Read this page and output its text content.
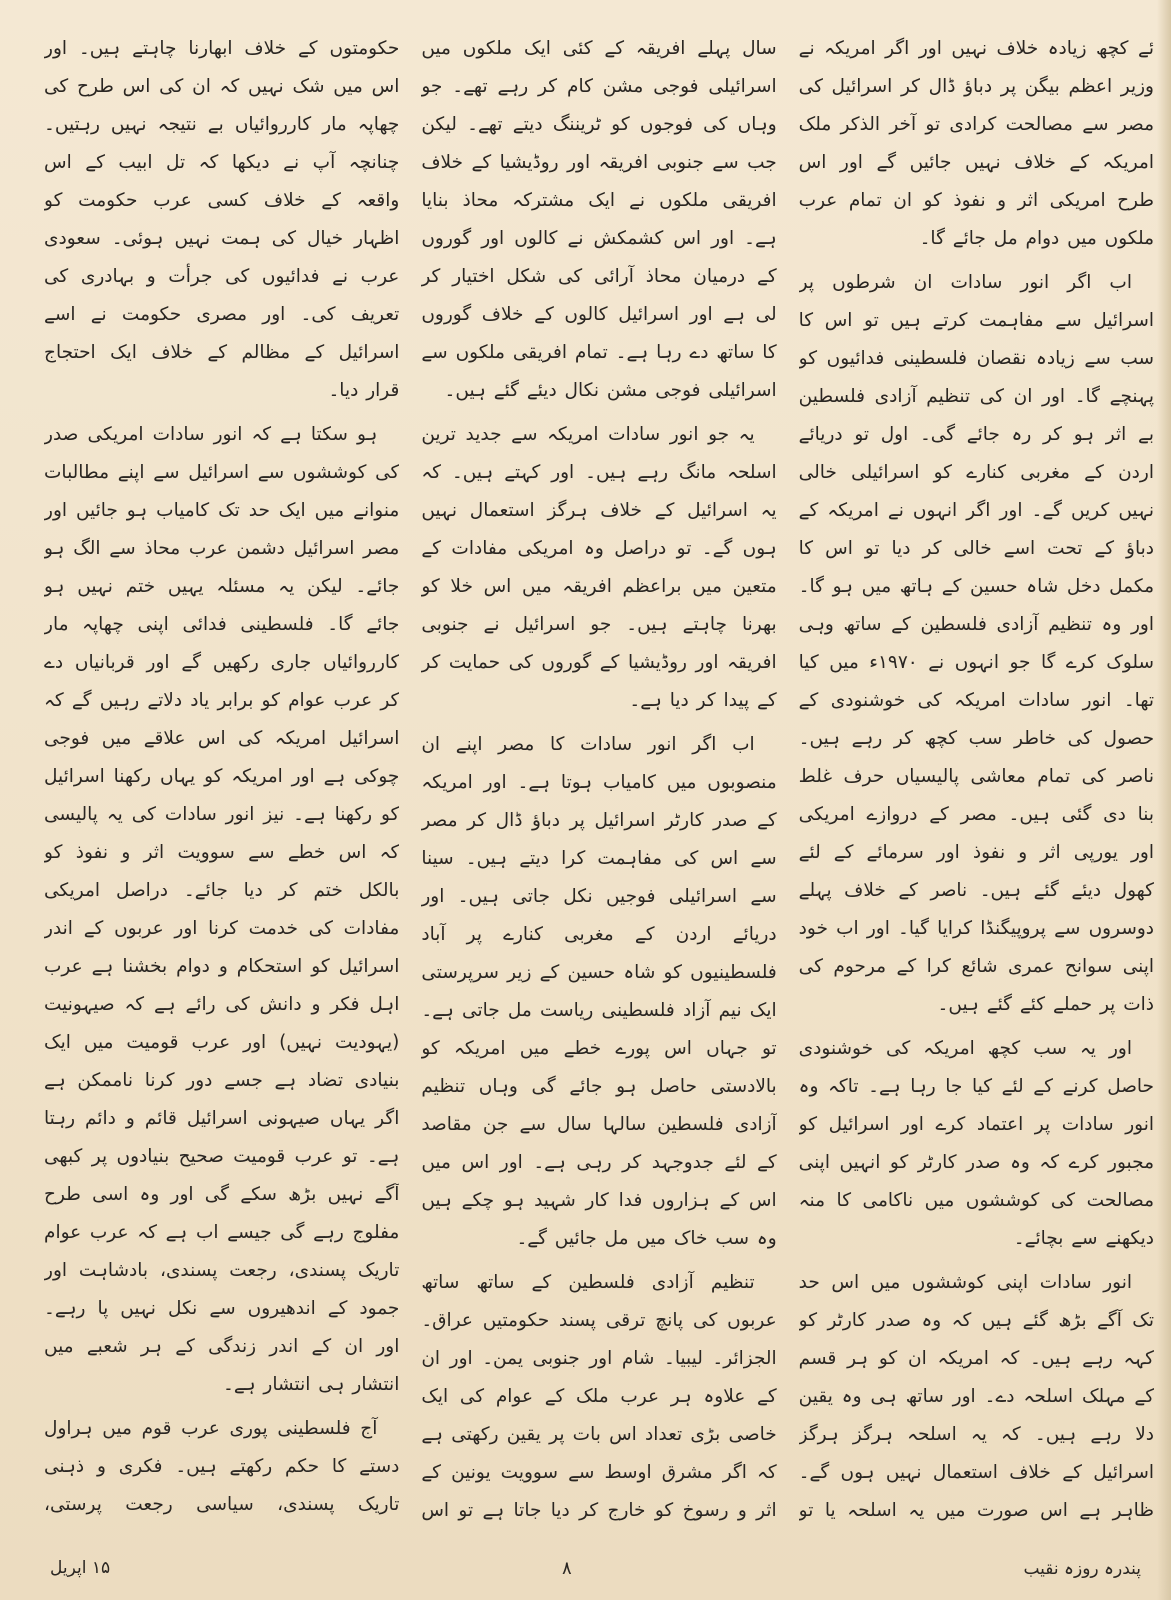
ئے کچھ زیادہ خلاف نہیں اور اگر امریکہ نے وزیر اعظم بیگن پر دباؤ ڈال کر اسرائیل کی مصر سے مصالحت کرادی تو آخر الذکر ملک امریکہ کے خلاف نہیں جائیں گے اور اس طرح امریکی اثر و نفوذ کو ان تمام عرب ملکوں میں دوام مل جائے گا۔

اب اگر انور سادات ان شرطوں پر اسرائیل سے مفاہمت کرتے ہیں تو اس کا سب سے زیادہ نقصان فلسطینی فدائیوں کو پہنچے گا۔ اور ان کی تنظیم آزادی فلسطین بے اثر ہو کر رہ جائے گی۔ اول تو دریائے اردن کے مغربی کنارے کو اسرائیلی خالی نہیں کریں گے۔ اور اگر انہوں نے امریکہ کے دباؤ کے تحت اسے خالی کر دیا تو اس کا مکمل دخل شاہ حسین کے ہاتھ میں ہو گا۔ اور وہ تنظیم آزادی فلسطین کے ساتھ وہی سلوک کرے گا جو انہوں نے ۱۹۷۰ء میں کیا تھا۔ انور سادات امریکہ کی خوشنودی کے حصول کی خاطر سب کچھ کر رہے ہیں۔ ناصر کی تمام معاشی پالیسیاں حرف غلط بنا دی گئی ہیں۔ مصر کے دروازے امریکی اور یورپی اثر و نفوذ اور سرمائے کے لئے کھول دیئے گئے ہیں۔ ناصر کے خلاف پہلے دوسروں سے پروپیگنڈا کرایا گیا۔ اور اب خود اپنی سوانح عمری شائع کرا کے مرحوم کی ذات پر حملے کئے گئے ہیں۔

اور یہ سب کچھ امریکہ کی خوشنودی حاصل کرنے کے لئے کیا جا رہا ہے۔ تاکہ وہ انور سادات پر اعتماد کرے اور اسرائیل کو مجبور کرے کہ وہ صدر کارٹر کو انہیں اپنی مصالحت کی کوششوں میں ناکامی کا منہ دیکھنے سے بچائے۔

انور سادات اپنی کوششوں میں اس حد تک آگے بڑھ گئے ہیں کہ وہ صدر کارٹر کو کہہ رہے ہیں۔ کہ امریکہ ان کو ہر قسم کے مہلک اسلحہ دے۔ اور ساتھ ہی وہ یقین دلا رہے ہیں۔ کہ یہ اسلحہ ہرگز ہرگز اسرائیل کے خلاف استعمال نہیں ہوں گے۔ ظاہر ہے اس صورت میں یہ اسلحہ یا تو

سال پہلے افریقہ کے کئی ایک ملکوں میں اسرائیلی فوجی مشن کام کر رہے تھے۔ جو وہاں کی فوجوں کو ٹریننگ دیتے تھے۔ لیکن جب سے جنوبی افریقہ اور روڈیشیا کے خلاف افریقی ملکوں نے ایک مشترکہ محاذ بنایا ہے۔ اور اس کشمکش نے کالوں اور گوروں کے درمیان محاذ آرائی کی شکل اختیار کر لی ہے اور اسرائیل کالوں کے خلاف گوروں کا ساتھ دے رہا ہے۔ تمام افریقی ملکوں سے اسرائیلی فوجی مشن نکال دیئے گئے ہیں۔

یہ جو انور سادات امریکہ سے جدید ترین اسلحہ مانگ رہے ہیں۔ اور کہتے ہیں۔ کہ یہ اسرائیل کے خلاف ہرگز استعمال نہیں ہوں گے۔ تو دراصل وہ امریکی مفادات کے متعین میں براعظم افریقہ میں اس خلا کو بھرنا چاہتے ہیں۔ جو اسرائیل نے جنوبی افریقہ اور روڈیشیا کے گوروں کی حمایت کر کے پیدا کر دیا ہے۔

اب اگر انور سادات کا مصر اپنے ان منصوبوں میں کامیاب ہوتا ہے۔ اور امریکہ کے صدر کارٹر اسرائیل پر دباؤ ڈال کر مصر سے اس کی مفاہمت کرا دیتے ہیں۔ سینا سے اسرائیلی فوجیں نکل جاتی ہیں۔ اور دریائے اردن کے مغربی کنارے پر آباد فلسطینیوں کو شاہ حسین کے زیر سرپرستی ایک نیم آزاد فلسطینی ریاست مل جاتی ہے۔ تو جہاں اس پورے خطے میں امریکہ کو بالادستی حاصل ہو جائے گی وہاں تنظیم آزادی فلسطین سالہا سال سے جن مقاصد کے لئے جدوجہد کر رہی ہے۔ اور اس میں اس کے ہزاروں فدا کار شہید ہو چکے ہیں وہ سب خاک میں مل جائیں گے۔

تنظیم آزادی فلسطین کے ساتھ ساتھ عربوں کی پانچ ترقی پسند حکومتیں عراق۔ الجزائر۔ لیبیا۔ شام اور جنوبی یمن۔ اور ان کے علاوہ ہر عرب ملک کے عوام کی ایک خاصی بڑی تعداد اس بات پر یقین رکھتی ہے کہ اگر مشرق اوسط سے سوویت یونین کے اثر و رسوخ کو خارج کر دیا جاتا ہے تو اس

حکومتوں کے خلاف ابھارنا چاہتے ہیں۔ اور اس میں شک نہیں کہ ان کی اس طرح کی چھاپہ مار کارروائیاں بے نتیجہ نہیں رہتیں۔ چنانچہ آپ نے دیکھا کہ تل ابیب کے اس واقعہ کے خلاف کسی عرب حکومت کو اظہار خیال کی ہمت نہیں ہوئی۔ سعودی عرب نے فدائیوں کی جرأت و بہادری کی تعریف کی۔ اور مصری حکومت نے اسے اسرائیل کے مظالم کے خلاف ایک احتجاج قرار دیا۔

ہو سکتا ہے کہ انور سادات امریکی صدر کی کوششوں سے اسرائیل سے اپنے مطالبات منوانے میں ایک حد تک کامیاب ہو جائیں اور مصر اسرائیل دشمن عرب محاذ سے الگ ہو جائے۔ لیکن یہ مسئلہ یہیں ختم نہیں ہو جائے گا۔ فلسطینی فدائی اپنی چھاپہ مار کارروائیاں جاری رکھیں گے اور قربانیاں دے کر عرب عوام کو برابر یاد دلاتے رہیں گے کہ اسرائیل امریکہ کی اس علاقے میں فوجی چوکی ہے اور امریکہ کو یہاں رکھنا اسرائیل کو رکھنا ہے۔ نیز انور سادات کی یہ پالیسی کہ اس خطے سے سوویت اثر و نفوذ کو بالکل ختم کر دیا جائے۔ دراصل امریکی مفادات کی خدمت کرنا اور عربوں کے اندر اسرائیل کو استحکام و دوام بخشنا ہے عرب اہل فکر و دانش کی رائے ہے کہ صیہونیت (یہودیت نہیں) اور عرب قومیت میں ایک بنیادی تضاد ہے جسے دور کرنا ناممکن ہے اگر یہاں صیہونی اسرائیل قائم و دائم رہتا ہے۔ تو عرب قومیت صحیح بنیادوں پر کبھی آگے نہیں بڑھ سکے گی اور وہ اسی طرح مفلوج رہے گی جیسے اب ہے کہ عرب عوام تاریک پسندی، رجعت پسندی، بادشاہت اور جمود کے اندھیروں سے نکل نہیں پا رہے۔ اور ان کے اندر زندگی کے ہر شعبے میں انتشار ہی انتشار ہے۔

آج فلسطینی پوری عرب قوم میں ہراول دستے کا حکم رکھتے ہیں۔ فکری و ذہنی تاریک پسندی، سیاسی رجعت پرستی،

پندرہ روزہ نقیب
۸
۱۵ اپریل
